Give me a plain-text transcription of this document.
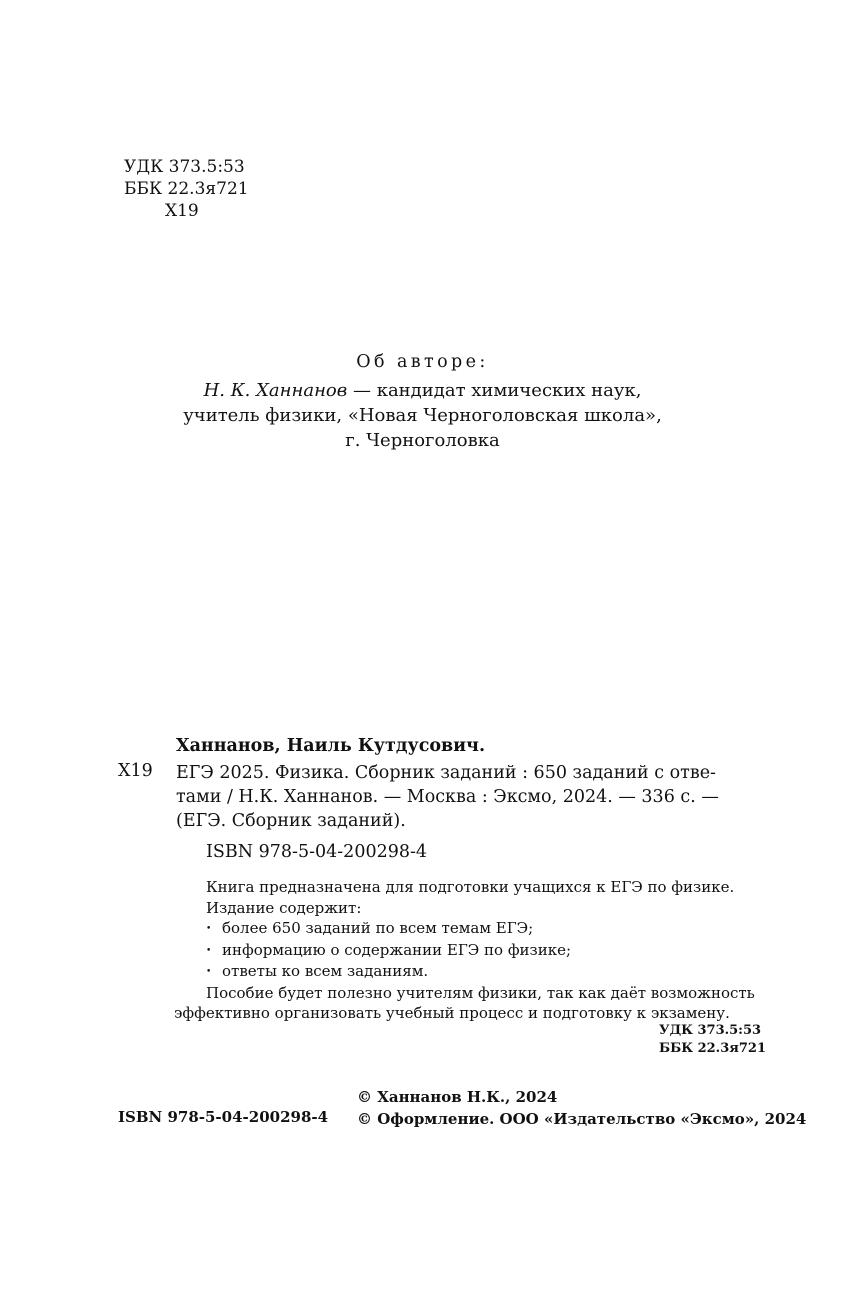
УДК 373.5:53
ББК 22.3я721
Х19
Об авторе:
Н. К. Ханнанов — кандидат химических наук,
учитель физики, «Новая Черноголовская школа»,
г. Черноголовка
Ханнанов, Наиль Кутдусович.
Х19 ЕГЭ 2025. Физика. Сборник заданий : 650 заданий с отве-
тами / Н.К. Ханнанов. — Москва : Эксмо, 2024. — 336 с. —
(ЕГЭ. Сборник заданий).
ISBN 978-5-04-200298-4
Книга предназначена для подготовки учащихся к ЕГЭ по физике.
Издание содержит:
• более 650 заданий по всем темам ЕГЭ;
• информацию о содержании ЕГЭ по физике;
• ответы ко всем заданиям.
Пособие будет полезно учителям физики, так как даёт возможность
эффективно организовать учебный процесс и подготовку к экзамену.
УДК 373.5:53
ББК 22.3я721
© Ханнанов Н.К., 2024
© Оформление. ООО «Издательство «Эксмо», 2024
ISBN 978-5-04-200298-4
